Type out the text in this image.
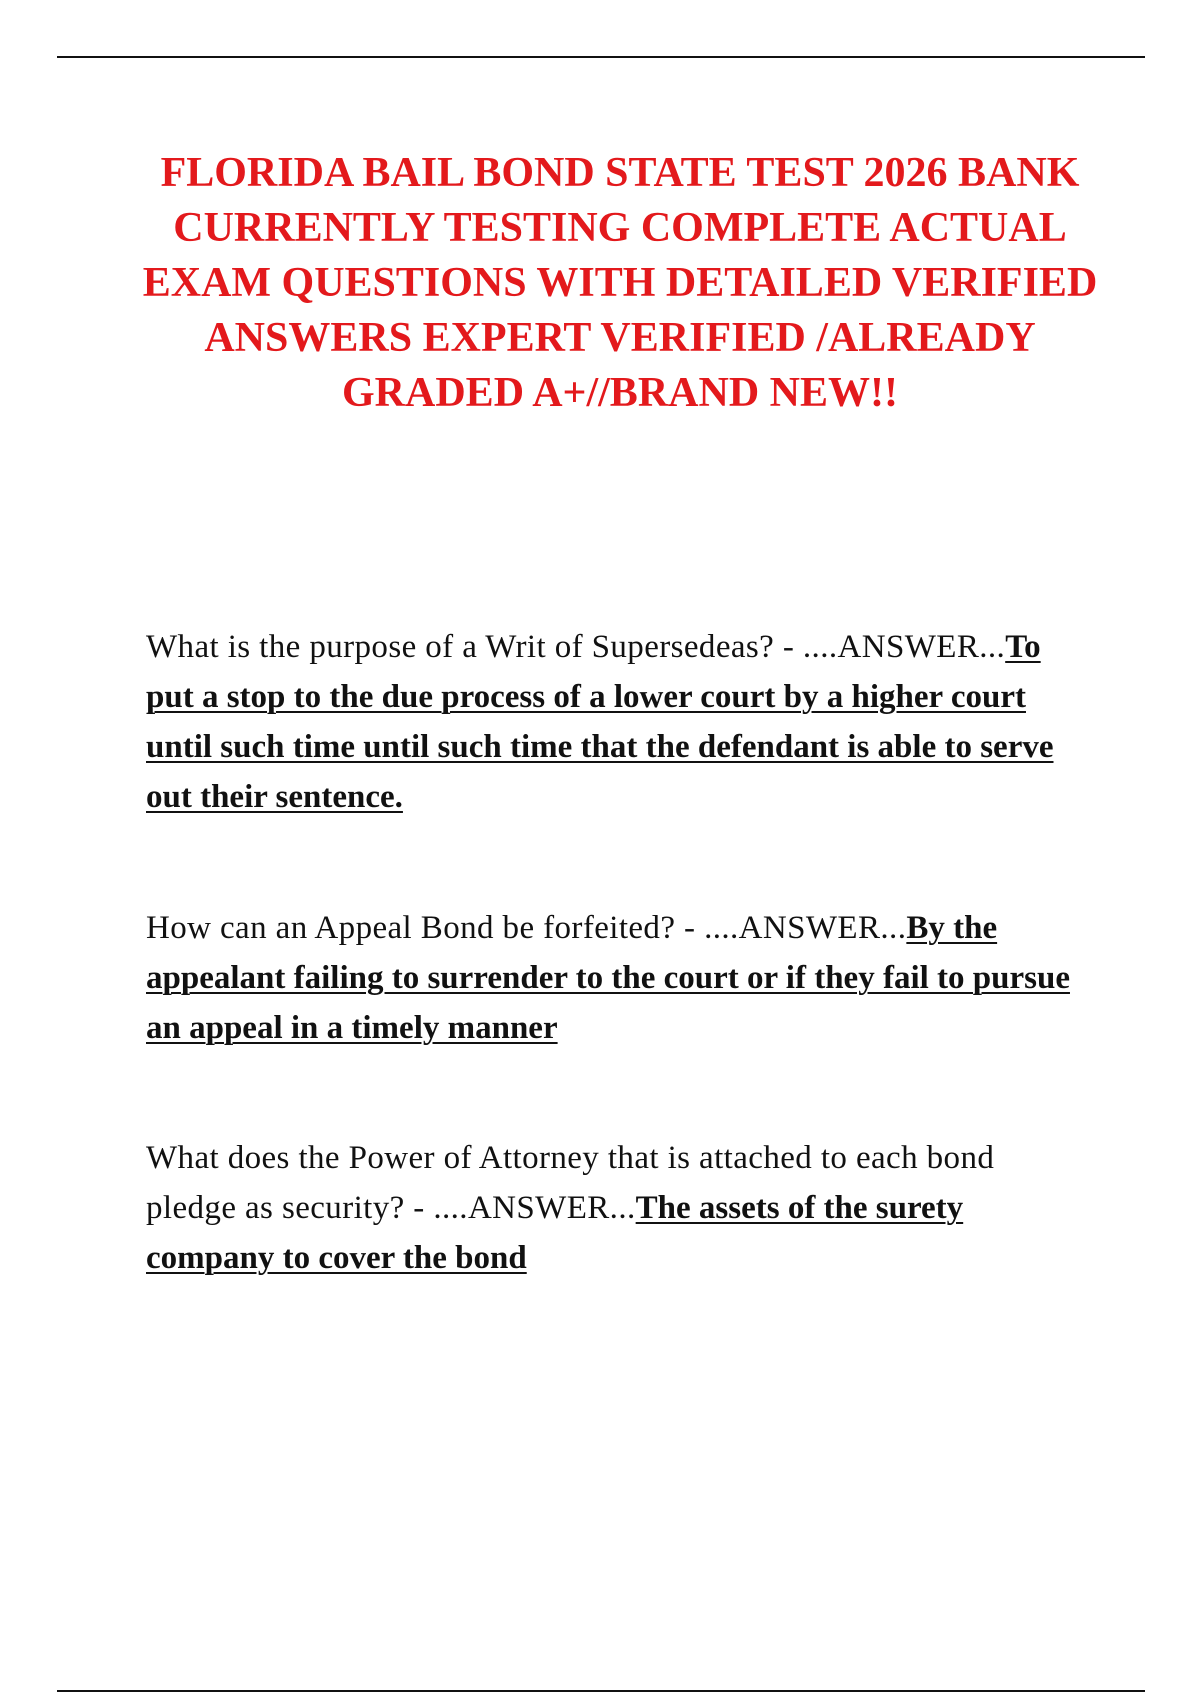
FLORIDA BAIL BOND STATE TEST 2026 BANK CURRENTLY TESTING COMPLETE ACTUAL EXAM QUESTIONS WITH DETAILED VERIFIED ANSWERS EXPERT VERIFIED /ALREADY GRADED A+//BRAND NEW!!

What is the purpose of a Writ of Supersedeas? - ....ANSWER...To put a stop to the due process of a lower court by a higher court until such time until such time that the defendant is able to serve out their sentence.

How can an Appeal Bond be forfeited? - ....ANSWER...By the appealant failing to surrender to the court or if they fail to pursue an appeal in a timely manner

What does the Power of Attorney that is attached to each bond pledge as security? - ....ANSWER...The assets of the surety company to cover the bond
